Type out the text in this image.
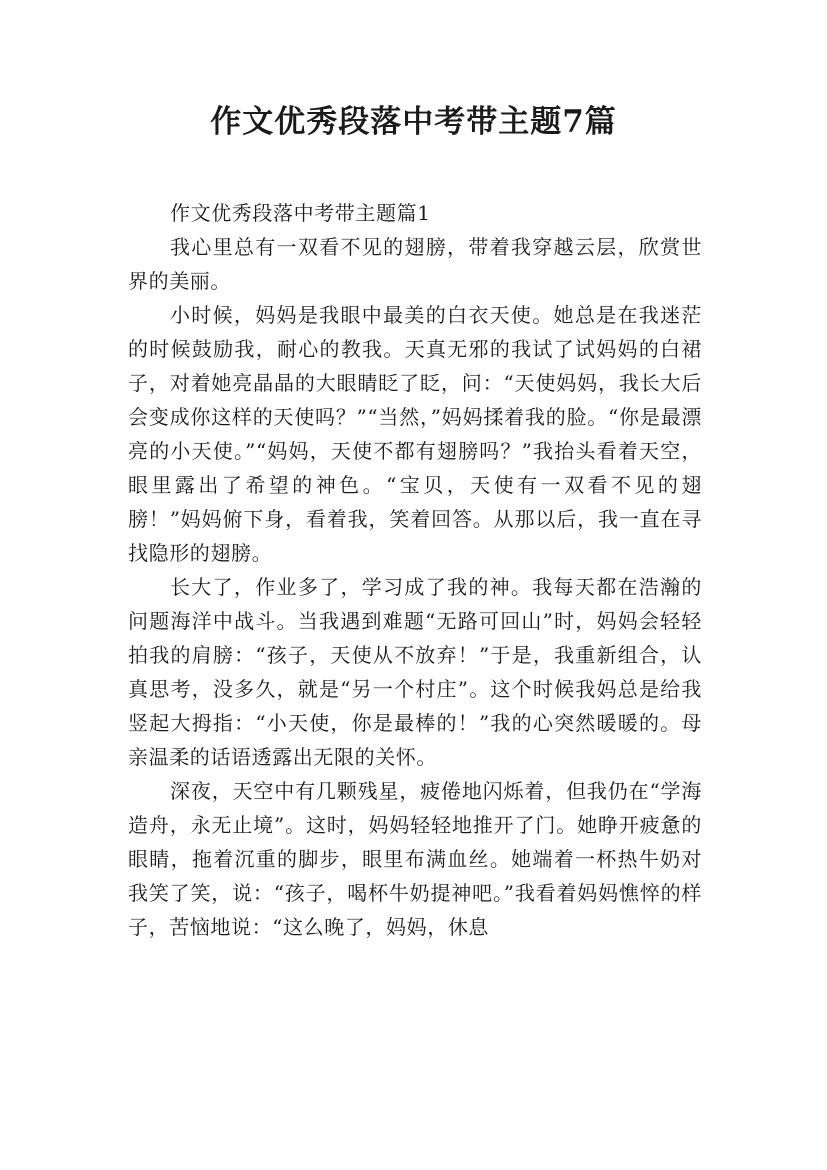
作文优秀段落中考带主题7篇

作文优秀段落中考带主题篇1

我心里总有一双看不见的翅膀，带着我穿越云层，欣赏世界的美丽。

小时候，妈妈是我眼中最美的白衣天使。她总是在我迷茫的时候鼓励我，耐心的教我。天真无邪的我试了试妈妈的白裙子，对着她亮晶晶的大眼睛眨了眨，问：“天使妈妈，我长大后会变成你这样的天使吗？”“当然，”妈妈揉着我的脸。“你是最漂亮的小天使。”“妈妈，天使不都有翅膀吗？”我抬头看着天空，眼里露出了希望的神色。“宝贝，天使有一双看不见的翅膀！”妈妈俯下身，看着我，笑着回答。从那以后，我一直在寻找隐形的翅膀。

长大了，作业多了，学习成了我的神。我每天都在浩瀚的问题海洋中战斗。当我遇到难题“无路可回山”时，妈妈会轻轻拍我的肩膀：“孩子，天使从不放弃！”于是，我重新组合，认真思考，没多久，就是“另一个村庄”。这个时候我妈总是给我竖起大拇指：“小天使，你是最棒的！”我的心突然暖暖的。母亲温柔的话语透露出无限的关怀。

深夜，天空中有几颗残星，疲倦地闪烁着，但我仍在“学海造舟，永无止境”。这时，妈妈轻轻地推开了门。她睁开疲惫的眼睛，拖着沉重的脚步，眼里布满血丝。她端着一杯热牛奶对我笑了笑，说：“孩子，喝杯牛奶提神吧。”我看着妈妈憔悴的样子，苦恼地说：“这么晚了，妈妈，休息
